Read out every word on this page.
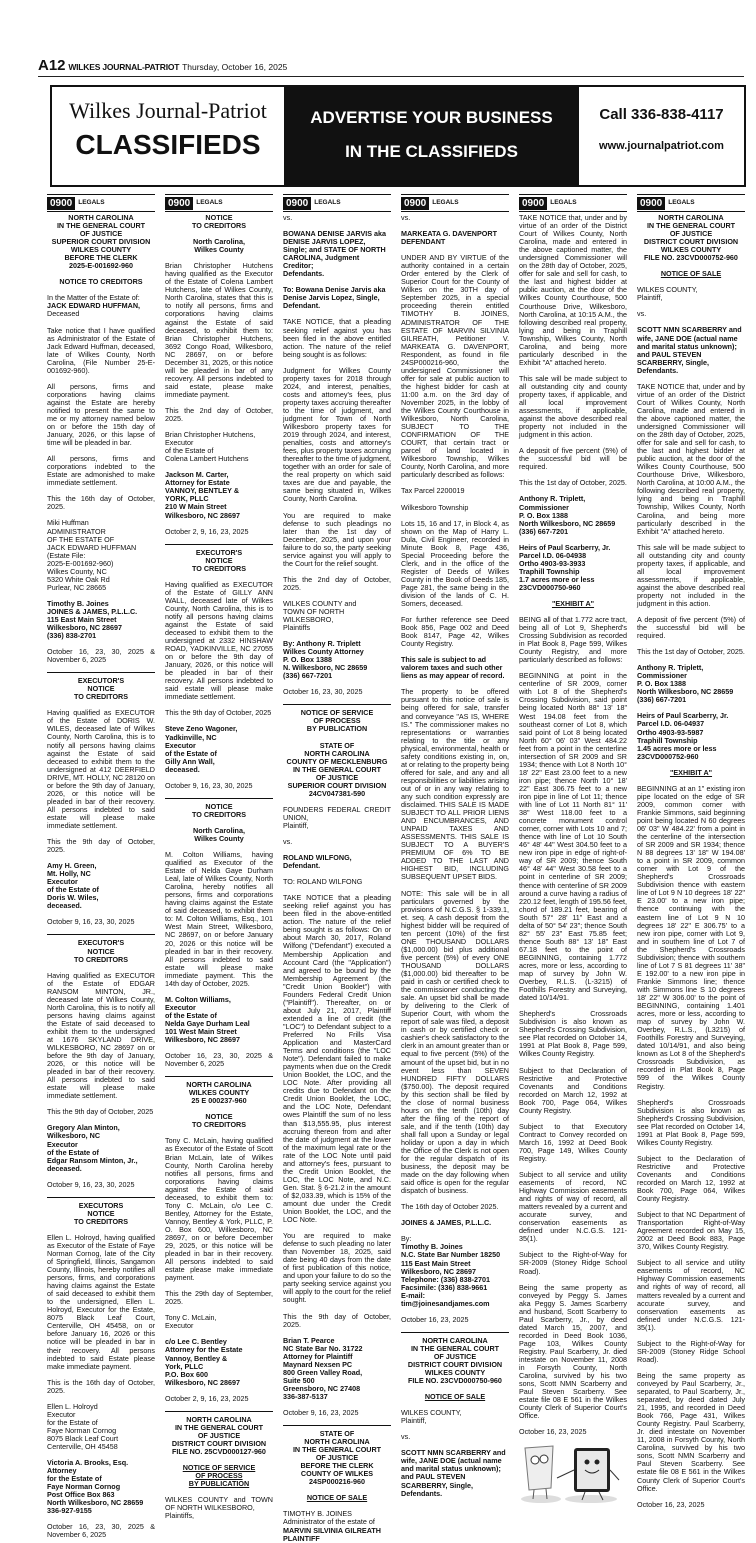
A12 WILKES JOURNAL-PATRIOT Thursday, October 16, 2025
Wilkes Journal-Patriot
CLASSIFIEDS
ADVERTISE YOUR BUSINESS
IN THE CLASSIFIEDS
Call 336-838-4117
www.journalpatriot.com
0900 LEGALS
NORTH CAROLINA
IN THE GENERAL COURT
OF JUSTICE
SUPERIOR COURT DIVISION
WILKES COUNTY
BEFORE THE CLERK
2025-E-001692-960
NOTICE TO CREDITORS
In the Matter of the Estate of:
JACK EDWARD HUFFMAN,
Deceased
Take notice that I have qualified as Administrator of the Estate of Jack Edward Huffman, deceased, late of Wilkes County, North Carolina, (File Number 25-E-001692-960).
All persons, firms and corporations having claims against the Estate are hereby notified to present the same to me or my attorney named below on or before the 15th day of January, 2026, or this lapse of time will be pleaded in bar.
All persons, firms and corporations indebted to the Estate are admonished to make immediate settlement.
This the 16th day of October, 2025.
Miki Huffman
ADMINISTRATOR
OF THE ESTATE OF
JACK EDWARD HUFFMAN
(Estate File:
2025-E-001692-960)
Wilkes County, NC
5320 White Oak Rd
Purlear, NC 28665
Timothy B. Joines
JOINES & JAMES, P.L.L.C.
115 East Main Street
Wilkesboro, NC 28697
(336) 838-2701
October 16, 23, 30, 2025 & November 6, 2025
EXECUTOR'S
NOTICE
TO CREDITORS
Having qualified as EXECUTOR of the Estate of DORIS W. WILES, deceased late of Wilkes County, North Carolina, this is to notify all persons having claims against the Estate of said deceased to exhibit them to the undersigned at 412 DEERFIELD DRIVE, MT. HOLLY, NC 28120 on or before the 9th day of January, 2026, or this notice will be pleaded in bar of their recovery. All persons indebted to said estate will please make immediate settlement.
This the 9th day of October, 2025.
Amy H. Green,
Mt. Holly, NC
Executor
of the Estate of
Doris W. Wiles,
deceased.
October 9, 16, 23, 30, 2025
EXECUTOR'S
NOTICE
TO CREDITORS
Having qualified as EXECUTOR of the Estate of EDGAR RANSOM MINTON, JR., deceased late of Wilkes County, North Carolina, this is to notify all persons having claims against the Estate of said deceased to exhibit them to the undersigned at 1676 SKYLAND DRIVE, WILKESBORO, NC 28697 on or before the 9th day of January, 2026, or this notice will be pleaded in bar of their recovery. All persons indebted to said estate will please make immediate settlement.
This the 9th day of October, 2025
Gregory Alan Minton,
Wilkesboro, NC
Executor
of the Estate of
Edgar Ransom Minton, Jr.,
deceased.
October 9, 16, 23, 30, 2025
EXECUTORS
NOTICE
TO CREDITORS
Ellen L. Holroyd, having qualified as Executor of the Estate of Faye Norman Cornog, late of the City of Springfield, Illinois, Sangamon County, Illinois, hereby notifies all persons, firms, and corporations having claims against the Estate of said deceased to exhibit them to the undersigned, Ellen L. Holroyd, Executor for the Estate, 8075 Black Leaf Court, Centerville, OH 45458, on or before January 16, 2026 or this notice will be pleaded in bar in their recovery. All persons indebted to said Estate please make immediate payment.
This is the 16th day of October, 2025.
Ellen L. Holroyd
Executor
for the Estate of
Faye Norman Cornog
8075 Black Leaf Court
Centerville, OH 45458
Victoria A. Brooks, Esq.
Attorney
for the Estate of
Faye Norman Cornog
Post Office Box 863
North Wilkesboro, NC 28659
336-927-9155
October 16, 23, 30, 2025 & November 6, 2025
0900 LEGALS
NOTICE
TO CREDITORS
North Carolina,
Wilkes County
Brian Christopher Hutchens having qualified as the Executor of the Estate of Colena Lambert Hutchens, late of Wilkes County, North Carolina, states that this is to notify all persons, firms and corporations having claims against the Estate of said deceased, to exhibit them to: Brian Christopher Hutchens, 3692 Congo Road, Wilkesboro, NC 28697, on or before December 31, 2025, or this notice will be pleaded in bar of any recovery. All persons indebted to said estate, please make immediate payment.
This the 2nd day of October, 2025.
Brian Christopher Hutchens,
Executor
of the Estate of
Colena Lambert Hutchens
Jackson M. Carter,
Attorney for Estate
VANNOY, BENTLEY &
YORK, PLLC
210 W Main Street
Wilkesboro, NC 28697
October 2, 9, 16, 23, 2025
EXECUTOR'S
NOTICE
TO CREDITORS
Having qualified as EXECUTOR of the Estate of GILLY ANN WALL, deceased late of Wilkes County, North Carolina, this is to notify all persons having claims against the Estate of said deceased to exhibit them to the undersigned at 2332 HINSHAW ROAD, YADKINVILLE, NC 27055 on or before the 9th day of January, 2026, or this notice will be pleaded in bar of their recovery. All persons indebted to said estate will please make immediate settlement.
This the 9th day of October, 2025
Steve Zeno Wagoner,
Yadkinville, NC
Executor
of the Estate of
Gilly Ann Wall,
deceased.
October 9, 16, 23, 30, 2025
NOTICE
TO CREDITORS
North Carolina,
Wilkes County
M. Colton Williams, having qualified as Executor of the Estate of Nelda Gaye Durham Leal, late of Wilkes County, North Carolina, hereby notifies all persons, firms and corporations having claims against the Estate of said deceased, to exhibit them to: M. Colton Williams, Esq., 101 West Main Street, Wilkesboro, NC 28697, on or before January 20, 2026 or this notice will be pleaded in bar in their recovery. All persons indebted to said estate will please make immediate payment. This the 14th day of October, 2025.
M. Colton Williams,
Executor
of the Estate of
Nelda Gaye Durham Leal
101 West Main Street
Wilkesboro, NC 28697
October 16, 23, 30, 2025 & November 6, 2025
NORTH CAROLINA
WILKES COUNTY
25 E 000237-960
NOTICE
TO CREDITORS
Tony C. McLain, having qualified as Executor of the Estate of Scott Brian McLain, late of Wilkes County, North Carolina hereby notifies all persons, firms and corporations having claims against the Estate of said deceased, to exhibit them to: Tony C. McLain, c/o Lee C. Bentley, Attorney for the Estate, Vannoy, Bentley & York, PLLC, P. O. Box 600, Wilkesboro, NC 28697, on or before December 29, 2025, or this notice will be pleaded in bar in their recovery. All persons indebted to said estate please make immediate payment.
This the 29th day of September, 2025.
Tony C. McLain,
Executor
c/o Lee C. Bentley
Attorney for the Estate
Vannoy, Bentley &
York, PLLC
P.O. Box 600
Wilkesboro, NC 28697
October 2, 9, 16, 23, 2025
NORTH CAROLINA
IN THE GENERAL COURT
OF JUSTICE
DISTRICT COURT DIVISION
FILE NO. 25CVD000127-960
NOTICE OF SERVICE
OF PROCESS
BY PUBLICATION
WILKES COUNTY and TOWN OF NORTH WILKESBORO,
Plaintiffs,
0900 LEGALS
vs.
BOWANA DENISE JARVIS aka DENISE JARVIS LOPEZ, Single; and STATE OF NORTH CAROLINA, Judgment Creditor;
Defendants.
To: Bowana Denise Jarvis aka Denise Jarvis Lopez, Single, Defendant.
TAKE NOTICE, that a pleading seeking relief against you has been filed in the above entitled action. The nature of the relief being sought is as follows:
Judgment for Wilkes County property taxes for 2018 through 2024, and interest, penalties, costs and attorney's fees, plus property taxes accruing thereafter to the time of judgment, and judgment for Town of North Wilkesboro property taxes for 2019 through 2024, and interest, penalties, costs and attorney's fees, plus property taxes accruing thereafter to the time of judgment, together with an order for sale of the real property on which said taxes are due and payable, the same being situated in, Wilkes County, North Carolina.
You are required to make defense to such pleadings no later than the 1st day of December, 2025, and upon your failure to do so, the party seeking service against you will apply to the Court for the relief sought.
This the 2nd day of October, 2025.
WILKES COUNTY and
TOWN OF NORTH
WILKESBORO,
Plaintiffs
By: Anthony R. Triplett
Wilkes County Attorney
P. O. Box 1388
N. Wilkesboro, NC 28659
(336) 667-7201
October 16, 23, 30, 2025
NOTICE OF SERVICE
OF PROCESS
BY PUBLICATION
STATE OF
NORTH CAROLINA
COUNTY OF MECKLENBURG
IN THE GENERAL COURT
OF JUSTICE
SUPERIOR COURT DIVISION
24CV047381-590
FOUNDERS FEDERAL CREDIT UNION,
Plaintiff,
vs.
ROLAND WILFONG,
Defendant.
TO: ROLAND WILFONG
TAKE NOTICE that a pleading seeking relief against you has been filed in the above-entitled action. The nature of the relief being sought is as follows: On or about March 30, 2017, Roland Wilfong ("Defendant") executed a Membership Application and Account Card (the "Application") and agreed to be bound by the Membership Agreement (the "Credit Union Booklet") with Founders Federal Credit Union ("Plaintiff"). Thereafter, on or about July 21, 2017, Plaintiff extended a line of credit (the "LOC") to Defendant subject to a Preferred No Frills Visa Application and MasterCard Terms and conditions (the "LOC Note"). Defendant failed to make payments when due on the Credit Union Booklet, the LOC, and the LOC Note. After providing all credits due to Defendant on the Credit Union Booklet, the LOC, and the LOC Note, Defendant owes Plaintiff the sum of no less than $13,555.95, plus interest accruing thereon from and after the date of judgment at the lower of the maximum legal rate or the rate of the LOC Note until paid and attorney's fees, pursuant to the Credit Union Booklet, the LOC, the LOC Note, and N.C. Gen. Stat. § 6-21.2 in the amount of $2,033.39, which is 15% of the amount due under the Credit Union Booklet, the LOC, and the LOC Note.
You are required to make defense to such pleading no later than November 18, 2025, said date being 40 days from the date of first publication of this notice, and upon your failure to do so the party seeking service against you will apply to the court for the relief sought.
This the 9th day of October, 2025.
Brian T. Pearce
NC State Bar No. 31722
Attorney for Plaintiff
Maynard Nexsen PC
800 Green Valley Road,
Suite 500
Greensboro, NC 27408
336-387-5137
October 9, 16, 23, 2025
STATE OF
NORTH CAROLINA
IN THE GENERAL COURT
OF JUSTICE
BEFORE THE CLERK
COUNTY OF WILKES
24SP000216-960
NOTICE OF SALE
TIMOTHY B. JOINES
Administrator of the estate of
MARVIN SILVINIA GILREATH
PLAINTIFF
0900 LEGALS
vs.
MARKEATA G. DAVENPORT
DEFENDANT
UNDER AND BY VIRTUE of the authority contained in a certain Order entered by the Clerk of Superior Court for the County of Wilkes on the 30TH day of September 2025, in a special proceeding therein entitled TIMOTHY B. JOINES, ADMINISTRATOR OF THE ESTATE OF MARVIN SILVINIA GILREATH, Petitioner V. MARKEATA G. DAVENPORT, Respondent, as found in file 24SP000216-960, the undersigned Commissioner will offer for sale at public auction to the highest bidder for cash at 11:00 a.m. on the 3rd day of November 2025, in the lobby of the Wilkes County Courthouse in Wilkesboro, North Carolina, SUBJECT TO THE CONFIRMATION OF THE COURT, that certain tract or parcel of land located in Wilkesboro Township, Wilkes County, North Carolina, and more particularly described as follows:
Tax Parcel 2200019
Wilkesboro Township
Lots 15, 16 and 17, in Block 4, as shown on the Map of Harry L. Dula, Civil Engineer, recorded in Minute Book 8, Page 436, Special Proceeding before the Clerk, and in the office of the Register of Deeds of Wilkes County in the Book of Deeds 185, Page 281, the same being in the division of the lands of C. H. Somers, deceased.
For further reference see Deed Book 856, Page 002 and Deed Book 8147, Page 42, Wilkes County Registry.
This sale is subject to ad valorem taxes and such other liens as may appear of record.
The property to be offered pursuant to this notice of sale is being offered for sale, transfer and conveyance "AS IS, WHERE IS." The commissioner makes no representations or warranties relating to the title or any physical, environmental, health or safety conditions existing in, on, at or relating to the property being offered for sale, and any and all responsibilities or liabilities arising out of or in any way relating to any such condition expressly are disclaimed. THIS SALE IS MADE SUBJECT TO ALL PRIOR LIENS AND ENCUMBRANCES, AND UNPAID TAXES AND ASSESSMENTS. THIS SALE IS SUBJECT TO A BUYER'S PREMIUM OF 6% TO BE ADDED TO THE LAST AND HIGHEST BID, INCLUDING SUBSEQUENT UPSET BIDS.
NOTE: This sale will be in all particulars governed by the provisions of N.C.G.S. § 1-339.1, et. seq. A cash deposit from the highest bidder will be required of ten percent (10%) of the first ONE THOUSAND DOLLARS ($1,000.00) bid plus additional five percent (5%) of every ONE THOUSAND DOLLARS ($1,000.00) bid thereafter to be paid in cash or certified check to the commissioner conducting the sale. An upset bid shall be made by delivering to the Clerk of Superior Court, with whom the report of sale was filed, a deposit in cash or by certified check or cashier's check satisfactory to the clerk in an amount greater than or equal to five percent (5%) of the amount of the upset bid, but in no event less than SEVEN HUNDRED FIFTY DOLLARS ($750.00). The deposit required by this section shall be filed by the close of normal business hours on the tenth (10th) day after the filing of the report of sale, and if the tenth (10th) day shall fall upon a Sunday or legal holiday or upon a day in which the Office of the Clerk is not open for the regular dispatch of its business, the deposit may be made on the day following when said office is open for the regular dispatch of business.
The 16th day of October 2025.
JOINES & JAMES, P.L.L.C.
By:
Timothy B. Joines
N.C. State Bar Number 18250
115 East Main Street
Wilkesboro, NC 28697
Telephone: (336) 838-2701
Facsimile: (336) 838-9661
E-mail:
tim@joinesandjames.com
October 16, 23, 2025
NORTH CAROLINA
IN THE GENERAL COURT
OF JUSTICE
DISTRICT COURT DIVISION
WILKES COUNTY
FILE NO. 23CVD000750-960
NOTICE OF SALE
WILKES COUNTY,
Plaintiff,
vs.
SCOTT NMN SCARBERRY and wife, JANE DOE (actual name and marital status unknown); and PAUL STEVEN SCARBERRY, Single,
Defendants.
0900 LEGALS
TAKE NOTICE that, under and by virtue of an order of the District Court of Wilkes County, North Carolina, made and entered in the above captioned matter, the undersigned Commissioner will on the 28th day of October, 2025, offer for sale and sell for cash, to the last and highest bidder at public auction, at the door of the Wilkes County Courthouse, 500 Courthouse Drive, Wilkesboro, North Carolina, at 10:15 A.M., the following described real property, lying and being in Traphill Township, Wilkes County, North Carolina, and being more particularly described in the Exhibit "A" attached hereto.
This sale will be made subject to all outstanding city and county property taxes, if applicable, and all local improvement assessments, if applicable, against the above described real property not included in the judgment in this action.
A deposit of five percent (5%) of the successful bid will be required.
This the 1st day of October, 2025.
Anthony R. Triplett,
Commissioner
P. O. Box 1388
North Wilkesboro, NC 28659
(336) 667-7201
Heirs of Paul Scarberry, Jr.
Parcel I.D. 06-04938
Ortho 4903-93-3933
Traphill Township
1.7 acres more or less
23CVD000750-960
"EXHIBIT A"
BEING all of that 1.772 acre tract, being all of Lot 9, Shepherd's Crossing Subdivision as recorded in Plat Book 8, Page 599, Wilkes County Registry, and more particularly described as follows:
BEGINNING at point in the centerline of SR 2009, corner with Lot 8 of the Shepherd's Crossing Subdivision, said point being located North 88° 13' 18" West 194.08 feet from the southeast corner of Lot 8, which said point of Lot 8 being located North 60° 06' 03" West 484.22 feet from a point in the centerline intersection of SR 2009 and SR 1934; thence with Lot 8 North 10° 18' 22" East 23.00 feet to a new iron pipe; thence North 10° 18' 22" East 306.75 feet to a new iron pipe in line of Lot 11; thence with line of Lot 11 North 81° 11' 38" West 118.00 feet to a concrete monument control corner, corner with Lots 10 and 7; thence with line of Lot 10 South 46° 48' 44" West 304.50 feet to a new iron pipe in edge of right-of-way of SR 2009; thence South 46° 48' 44" West 30.58 feet to a point in centerline of SR 2009; thence with centerline of SR 2009 around a curve having a radius of 220.12 feet, length of 195.56 feet, chord of 189.21 feet, bearing of South 57° 28' 11" East and a delta of 50° 54' 23"; thence South 82° 55' 23" East 75.85 feet; thence South 88° 13' 18" East 67.18 feet to the point of BEGINNING, containing 1.772 acres, more or less, according to map of survey by John W. Overbey, R.L.S. (L-3215) of Foothills Forestry and Surveying, dated 10/14/91.
Shepherd's Crossroads Subdivision is also known as Shepherd's Crossing Subdivision, see Plat recorded on October 14, 1991 at Plat Book 8, Page 599, Wilkes County Registry.
Subject to that Declaration of Restrictive and Protective Covenants and Conditions recorded on March 12, 1992 at Book 700, Page 064, Wilkes County Registry.
Subject to that Executory Contract to Convey recorded on March 16, 1992 at Deed Book 700, Page 149, Wilkes County Registry.
Subject to all service and utility easements of record, NC Highway Commission easements and rights of way of record, all matters revealed by a current and accurate survey, and conservation easements as defined under N.C.G.S. 121-35(1).
Subject to the Right-of-Way for SR-2009 (Stoney Ridge School Road).
Being the same property as conveyed by Peggy S. James aka Peggy S. James Scarberry and husband, Scott Scarberry to Paul Scarberry, Jr., by deed dated March 15, 2007, and recorded in Deed Book 1036, Page 103, Wilkes County Registry. Paul Scarberry, Jr. died intestate on November 11, 2008 in Forsyth County, North Carolina, survived by his two sons, Scott NMN Scarberry and Paul Steven Scarberry. See estate file 08 E 561 in the Wilkes County Clerk of Superior Court's Office.
October 16, 23, 2025
0900 LEGALS
NORTH CAROLINA
IN THE GENERAL COURT
OF JUSTICE
DISTRICT COURT DIVISION
WILKES COUNTY
FILE NO. 23CVD000752-960
NOTICE OF SALE
WILKES COUNTY,
Plaintiff,
vs.
SCOTT NMN SCARBERRY and wife, JANE DOE (actual name and marital status unknown); and PAUL STEVEN SCARBERRY, Single, Defendants.
TAKE NOTICE that, under and by virtue of an order of the District Court of Wilkes County, North Carolina, made and entered in the above captioned matter, the undersigned Commissioner will on the 28th day of October, 2025, offer for sale and sell for cash, to the last and highest bidder at public auction, at the door of the Wilkes County Courthouse, 500 Courthouse Drive, Wilkesboro, North Carolina, at 10:00 A.M., the following described real property, lying and being in Traphill Township, Wilkes County, North Carolina, and being more particularly described in the Exhibit "A" attached hereto.
This sale will be made subject to all outstanding city and county property taxes, if applicable, and all local improvement assessments, if applicable, against the above described real property not included in the judgment in this action.
A deposit of five percent (5%) of the successful bid will be required.
This the 1st day of October, 2025.
Anthony R. Triplett,
Commissioner
P. O. Box 1388
North Wilkesboro, NC 28659
(336) 667-7201
Heirs of Paul Scarberry, Jr.
Parcel I.D. 06-04937
Ortho 4903-93-5987
Traphill Township
1.45 acres more or less
23CVD000752-960
"EXHIBIT A"
BEGINNING at an 1" existing iron pipe located on the edge of SR 2009, common corner with Frankie Simmons, said beginning point being located N 60 degrees 06' 03" W 484.22' from a point in the centerline of the intersection of SR 2009 and SR 1934; thence N 88 degrees 13' 18" W 194.08' to a point in SR 2009, common corner with Lot 9 of the Shepherd's Crossroads Subdivision thence with eastern line of Lot 9 N 10 degrees 18' 22" E 23.00' to a new iron pipe; thence continuing with the eastern line of Lot 9 N 10 degrees 18' 22" E 306.75' to a new iron pipe, corner with Lot 9, and in southern line of Lot 7 of the Shepherd's Crossroads Subdivision; thence with southern line of Lot 7 S 81 degrees 11' 38" E 192.00' to a new iron pipe in Frankie Simmons line; thence with Simmons line S 10 degrees 18' 22" W 306.00' to the point of BEGINNING, containing 1.401 acres, more or less, according to map of survey by John W. Overbey, R.L.S., (L3215) of Foothills Forestry and Surveying, dated 10/14/91, and also being known as Lot 8 of the Shepherd's Crossroads Subdivision, as recorded in Plat Book 8, Page 599 of the Wilkes County Registry.
Shepherd's Crossroads Subdivision is also known as Shepherd's Crossing Subdivision, see Plat recorded on October 14, 1991 at Plat Book 8, Page 599, Wilkes County Registry.
Subject to the Declaration of Restrictive and Protective Covenants and Conditions recorded on March 12, 1992 at Book 700, Page 064, Wilkes County Registry.
Subject to that NC Department of Transportation Right-of-Way Agreement recorded on May 15, 2002 at Deed Book 883, Page 370, Wilkes County Registry.
Subject to all service and utility easements of record, NC Highway Commission easements and rights of way of record, all matters revealed by a current and accurate survey, and conservation easements as defined under N.C.G.S. 121-35(1).
Subject to the Right-of-Way for SR-2009 (Stoney Ridge School Road).
Being the same property as conveyed by Paul Scarberry, Jr., separated, to Paul Scarberry, Jr., separated, by deed dated July 21, 1995, and recorded in Deed Book 766, Page 431, Wilkes County Registry. Paul Scarberry, Jr. died intestate on November 11, 2008 in Forsyth County, North Carolina, survived by his two sons, Scott NMN Scarberry and Paul Steven Scarberry. See estate file 08 E 561 in the Wilkes County Clerk of Superior Court's Office.
October 16, 23, 2025
